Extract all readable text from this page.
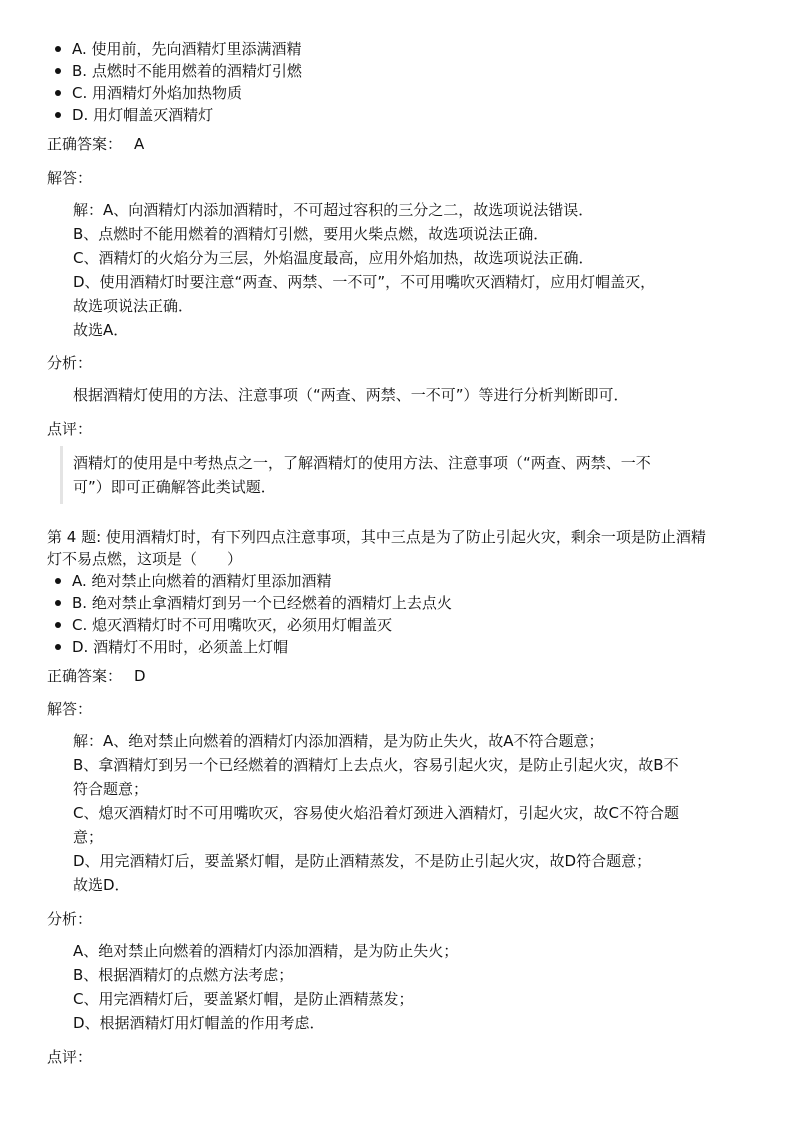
A. 使用前，先向酒精灯里添满酒精
B. 点燃时不能用燃着的酒精灯引燃
C. 用酒精灯外焰加热物质
D. 用灯帽盖灭酒精灯
正确答案： A
解答：
解：A、向酒精灯内添加酒精时，不可超过容积的三分之二，故选项说法错误．
B、点燃时不能用燃着的酒精灯引燃，要用火柴点燃，故选项说法正确．
C、酒精灯的火焰分为三层，外焰温度最高，应用外焰加热，故选项说法正确．
D、使用酒精灯时要注意“两查、两禁、一不可”，不可用嘴吹灭酒精灯，应用灯帽盖灭，
故选项说法正确．
故选A．
分析：
根据酒精灯使用的方法、注意事项（“两查、两禁、一不可”）等进行分析判断即可．
点评：
酒精灯的使用是中考热点之一，了解酒精灯的使用方法、注意事项（“两查、两禁、一不
可”）即可正确解答此类试题．
第 4 题: 使用酒精灯时，有下列四点注意事项，其中三点是为了防止引起火灾，剩余一项是防止酒精
灯不易点燃，这项是（　　）
A. 绝对禁止向燃着的酒精灯里添加酒精
B. 绝对禁止拿酒精灯到另一个已经燃着的酒精灯上去点火
C. 熄灭酒精灯时不可用嘴吹灭，必须用灯帽盖灭
D. 酒精灯不用时，必须盖上灯帽
正确答案： D
解答：
解：A、绝对禁止向燃着的酒精灯内添加酒精，是为防止失火，故A不符合题意；
B、拿酒精灯到另一个已经燃着的酒精灯上去点火，容易引起火灾，是防止引起火灾，故B不
符合题意；
C、熄灭酒精灯时不可用嘴吹灭，容易使火焰沿着灯颈进入酒精灯，引起火灾，故C不符合题
意；
D、用完酒精灯后，要盖紧灯帽，是防止酒精蒸发，不是防止引起火灾，故D符合题意；
故选D．
分析：
A、绝对禁止向燃着的酒精灯内添加酒精，是为防止失火；
B、根据酒精灯的点燃方法考虑；
C、用完酒精灯后，要盖紧灯帽，是防止酒精蒸发；
D、根据酒精灯用灯帽盖的作用考虑．
点评：
